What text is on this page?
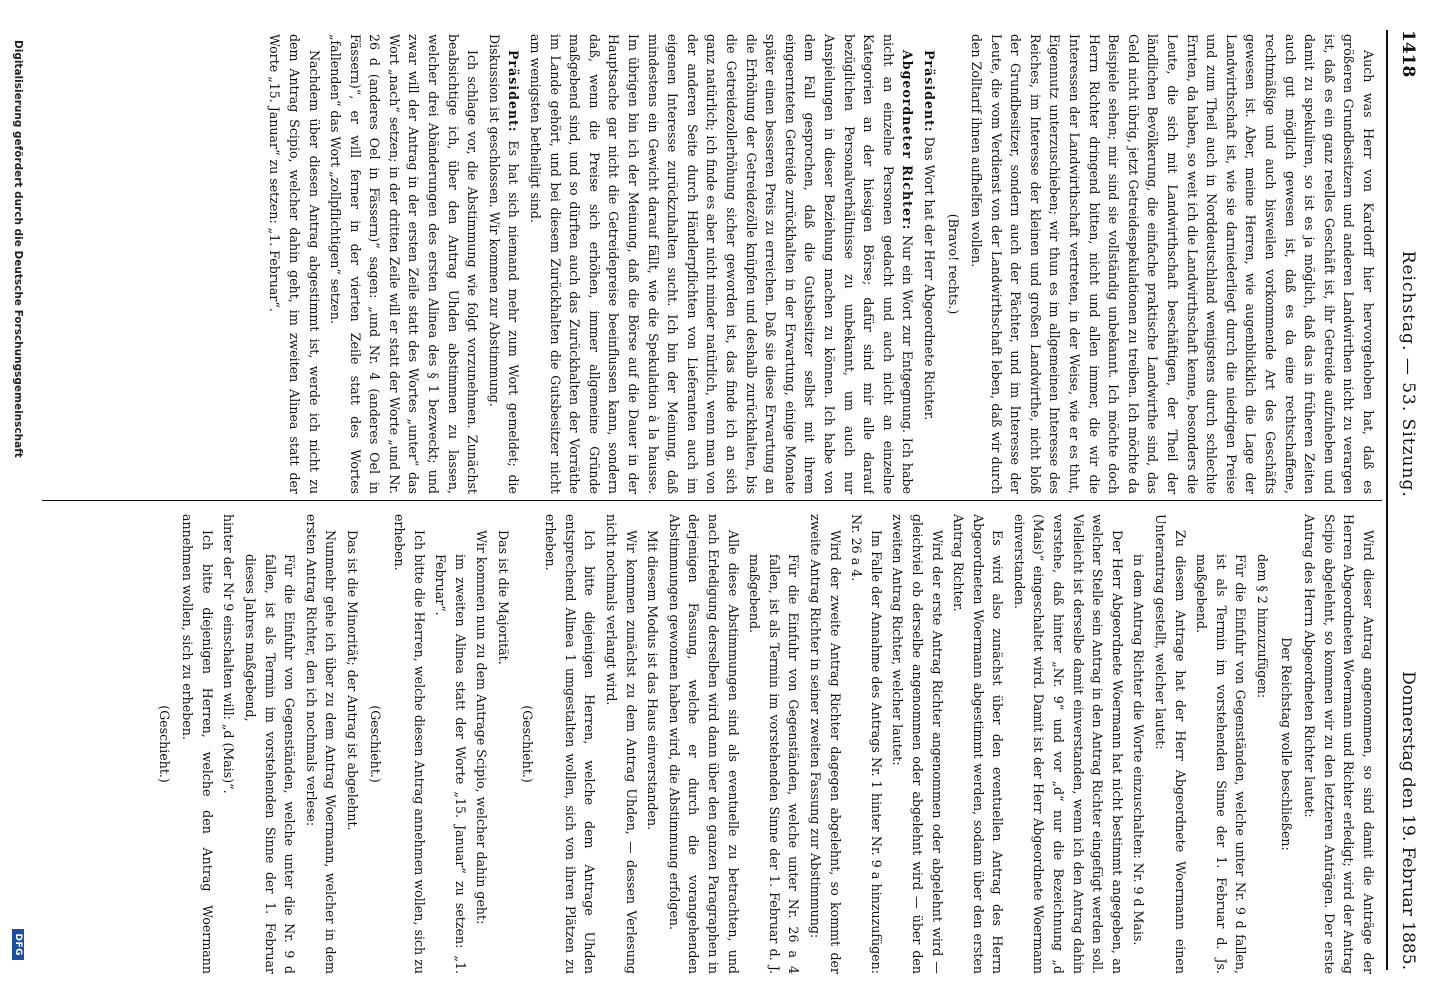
1418
Reichstag. — 53. Sitzung.
Donnerstag den 19. Februar 1885.

Auch was Herr von Kardorff hier hervorgehoben hat, daß es größeren Grundbesitzern und anderen Landwirthen nicht zu verargen ist, daß es ein ganz reelles Geschäft ist, ihr Getreide aufzuheben und damit zu spekuliren, so ist es ja möglich, daß das in früheren Zeiten auch gut möglich gewesen ist, daß es da eine rechtschaffene, rechtmäßige und auch bisweilen vorkommende Art des Geschäfts gewesen ist. Aber, meine Herren, wie augenblicklich die Lage der Landwirthschaft ist, wie sie darniederliegt durch die niedrigen Preise und zum Theil auch in Norddeutschland wenigstens durch schlechte Ernten, da haben, so weit ich die Landwirthschaft kenne, besonders die Leute, die sich mit Landwirthschaft beschäftigen, der Theil der ländlichen Bevölkerung, die einfache praktische Landwirthe sind, das Geld nicht übrig, jetzt Getreidespekulationen zu treiben. Ich möchte da Beispiele sehen; mir sind sie vollständig unbekannt. Ich möchte doch Herrn Richter dringend bitten, nicht und allen immer, die wir die Interessen der Landwirthschaft vertreten, in der Weise, wie er es thut, Eigennutz unterzuschieben; wir thun es im allgemeinen Interesse des Reiches, im Interesse der kleinen und großen Landwirthe, nicht bloß der Grundbesitzer, sondern auch der Pächter, und im Interesse der Leute, die vom Verdienst von der Landwirthschaft leben, daß wir durch den Zolltarif ihnen aufhelfen wollen.

(Bravo! rechts.)

Präsident: Das Wort hat der Herr Abgeordnete Richter.

Abgeordneter Richter: Nur ein Wort zur Entgegnung. Ich habe nicht an einzelne Personen gedacht und auch nicht an einzelne Kategorien an der hiesigen Börse; dafür sind mir alle darauf bezüglichen Personalverhältnisse zu unbekannt, um auch nur Anspielungen in dieser Beziehung machen zu können. Ich habe von dem Fall gesprochen, daß die Gutsbesitzer selbst mit ihrem eingeernteten Getreide zurückhalten in der Erwartung, einige Monate später einen besseren Preis zu erreichen. Daß sie diese Erwartung an die Erhöhung der Getreidezölle knüpfen und deshalb zurückhalten, bis die Getreidezollerhöhung sicher geworden ist, das finde ich an sich ganz natürlich; ich finde es aber nicht minder natürlich, wenn man von der anderen Seite durch Händlerpflichten von Lieferanten auch im eigenen Interesse zurückzuhalten sucht. Ich bin der Meinung, daß mindestens ein Gewicht darauf fällt, wie die Spekulation à la hausse. Im übrigen bin ich der Meinung, daß die Börse auf die Dauer in der Hauptsache gar nicht die Getreidepreise beeinflussen kann, sondern daß, wenn die Preise sich erhöhen, immer allgemeine Gründe maßgebend sind, und so dürften auch das Zurückhalten der Vorräthe im Lande gehört, und bei diesem Zurückhalten die Gutsbesitzer nicht am wenigsten betheiligt sind.

Präsident: Es hat sich niemand mehr zum Wort gemeldet; die Diskussion ist geschlossen. Wir kommen zur Abstimmung.

Ich schlage vor, die Abstimmung wie folgt vorzunehmen. Zunächst beabsichtige ich, über den Antrag Uhden abstimmen zu lassen, welcher drei Abänderungen des ersten Alinea des § 1 bezweckt; und zwar will der Antrag in der ersten Zeile statt des Wortes „unter“ das Wort „nach“ setzen; in der dritten Zeile will er statt der Worte „und Nr. 26 d (anderes Oel in Fässern)“ sagen: „und Nr. 4 (anderes Oel in Fässern)“, er will ferner in der vierten Zeile statt des Wortes „fallenden“ das Wort „zollpflichtigen“ setzen.

Nachdem über diesen Antrag abgestimmt ist, werde ich nicht zu dem Antrag Scipio, welcher dahin geht, im zweiten Alinea statt der Worte „15. Januar“ zu setzen: „1. Februar“.

Wird dieser Antrag angenommen, so sind damit die Anträge der Herren Abgeordneten Woermann und Richter erledigt; wird der Antrag Scipio abgelehnt, so kommen wir zu den letzteren Anträgen. Der erste Antrag des Herrn Abgeordneten Richter lautet:

Der Reichstag wolle beschließen:

dem § 2 hinzuzufügen:

Für die Einfuhr von Gegenständen, welche unter Nr. 9 d fallen, ist als Termin im vorstehenden Sinne der 1. Februar d. Js. maßgebend.

Zu diesem Antrage hat der Herr Abgeordnete Woermann einen Unterantrag gestellt, welcher lautet:

in dem Antrag Richter die Worte einzuschalten: Nr. 9 d Mais.

Der Herr Abgeordnete Woermann hat nicht bestimmt angegeben, an welcher Stelle sein Antrag in den Antrag Richter eingefügt werden soll. Vielleicht ist derselbe damit einverstanden, wenn ich den Antrag dahin verstehe, daß hinter „Nr. 9“ und vor „d“ nur die Bezeichnung „d (Mais)“ eingeschaltet wird. Damit ist der Herr Abgeordnete Woermann einverstanden.

Es wird also zunächst über den eventuellen Antrag des Herrn Abgeordneten Woermann abgestimmt werden, sodann über den ersten Antrag Richter.

Wird der erste Antrag Richter angenommen oder abgelehnt wird — gleichviel ob derselbe angenommen oder abgelehnt wird — über den zweiten Antrag Richter, welcher lautet:

Im Falle der Annahme des Antrags Nr. 1 hinter Nr. 9 a hinzuzufügen: Nr. 26 a 4.

Wird der zweite Antrag Richter dagegen abgelehnt, so kommt der zweite Antrag Richter in seiner zweiten Fassung zur Abstimmung:

Für die Einfuhr von Gegenständen, welche unter Nr. 26 a 4 fallen, ist als Termin im vorstehenden Sinne der 1. Februar d. J. maßgebend.

Alle diese Abstimmungen sind als eventuelle zu betrachten, und nach Erledigung derselben wird dann über den ganzen Paragraphen in derjenigen Fassung, welche er durch die vorangehenden Abstimmungen gewonnen haben wird, die Abstimmung erfolgen.

Mit diesem Modus ist das Haus einverstanden.

Wir kommen zunächst zu dem Antrag Uhden, — dessen Verlesung nicht nochmals verlangt wird.

Ich bitte diejenigen Herren, welche dem Antrage Uhden entsprechend Alinea 1 umgestalten wollen, sich von ihren Plätzen zu erheben.

(Geschieht.)

Das ist die Majorität.

Wir kommen nun zu dem Antrage Scipio, welcher dahin geht:

im zweiten Alinea statt der Worte „15. Januar“ zu setzen: „1. Februar“.

Ich bitte die Herren, welche diesen Antrag annehmen wollen, sich zu erheben.

(Geschieht.)

Das ist die Minorität; der Antrag ist abgelehnt.

Nunmehr gehe ich über zu dem Antrag Woermann, welcher in dem ersten Antrag Richter, den ich nochmals verlese:

Für die Einfuhr von Gegenständen, welche unter die Nr. 9 d fallen, ist als Termin im vorstehenden Sinne der 1. Februar dieses Jahres maßgebend,

hinter der Nr 9 einschalten will: „d (Mais)“.

Ich bitte diejenigen Herren, welche den Antrag Woermann annehmen wollen, sich zu erheben.

(Geschieht.)

Digitalisierung gefördert durch die Deutsche Forschungsgemeinschaft
DFG
